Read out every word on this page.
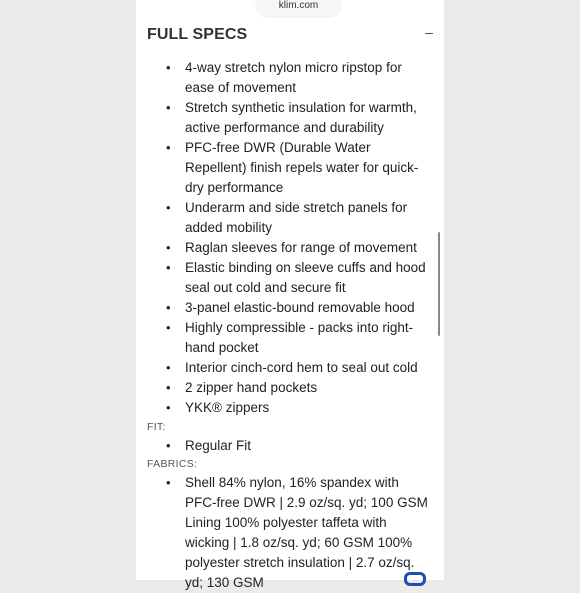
klim.com
FULL SPECS	–
• 4-way stretch nylon micro ripstop for ease of movement
• Stretch synthetic insulation for warmth, active performance and durability
• PFC-free DWR (Durable Water Repellent) finish repels water for quick-dry performance
• Underarm and side stretch panels for added mobility
• Raglan sleeves for range of movement
• Elastic binding on sleeve cuffs and hood seal out cold and secure fit
• 3-panel elastic-bound removable hood
• Highly compressible - packs into right-hand pocket
• Interior cinch-cord hem to seal out cold
• 2 zipper hand pockets
• YKK® zippers
FIT:
• Regular Fit
FABRICS:
• Shell 84% nylon, 16% spandex with PFC-free DWR | 2.9 oz/sq. yd; 100 GSM Lining 100% polyester taffeta with wicking | 1.8 oz/sq. yd; 60 GSM 100% polyester stretch insulation | 2.7 oz/sq. yd; 130 GSM
